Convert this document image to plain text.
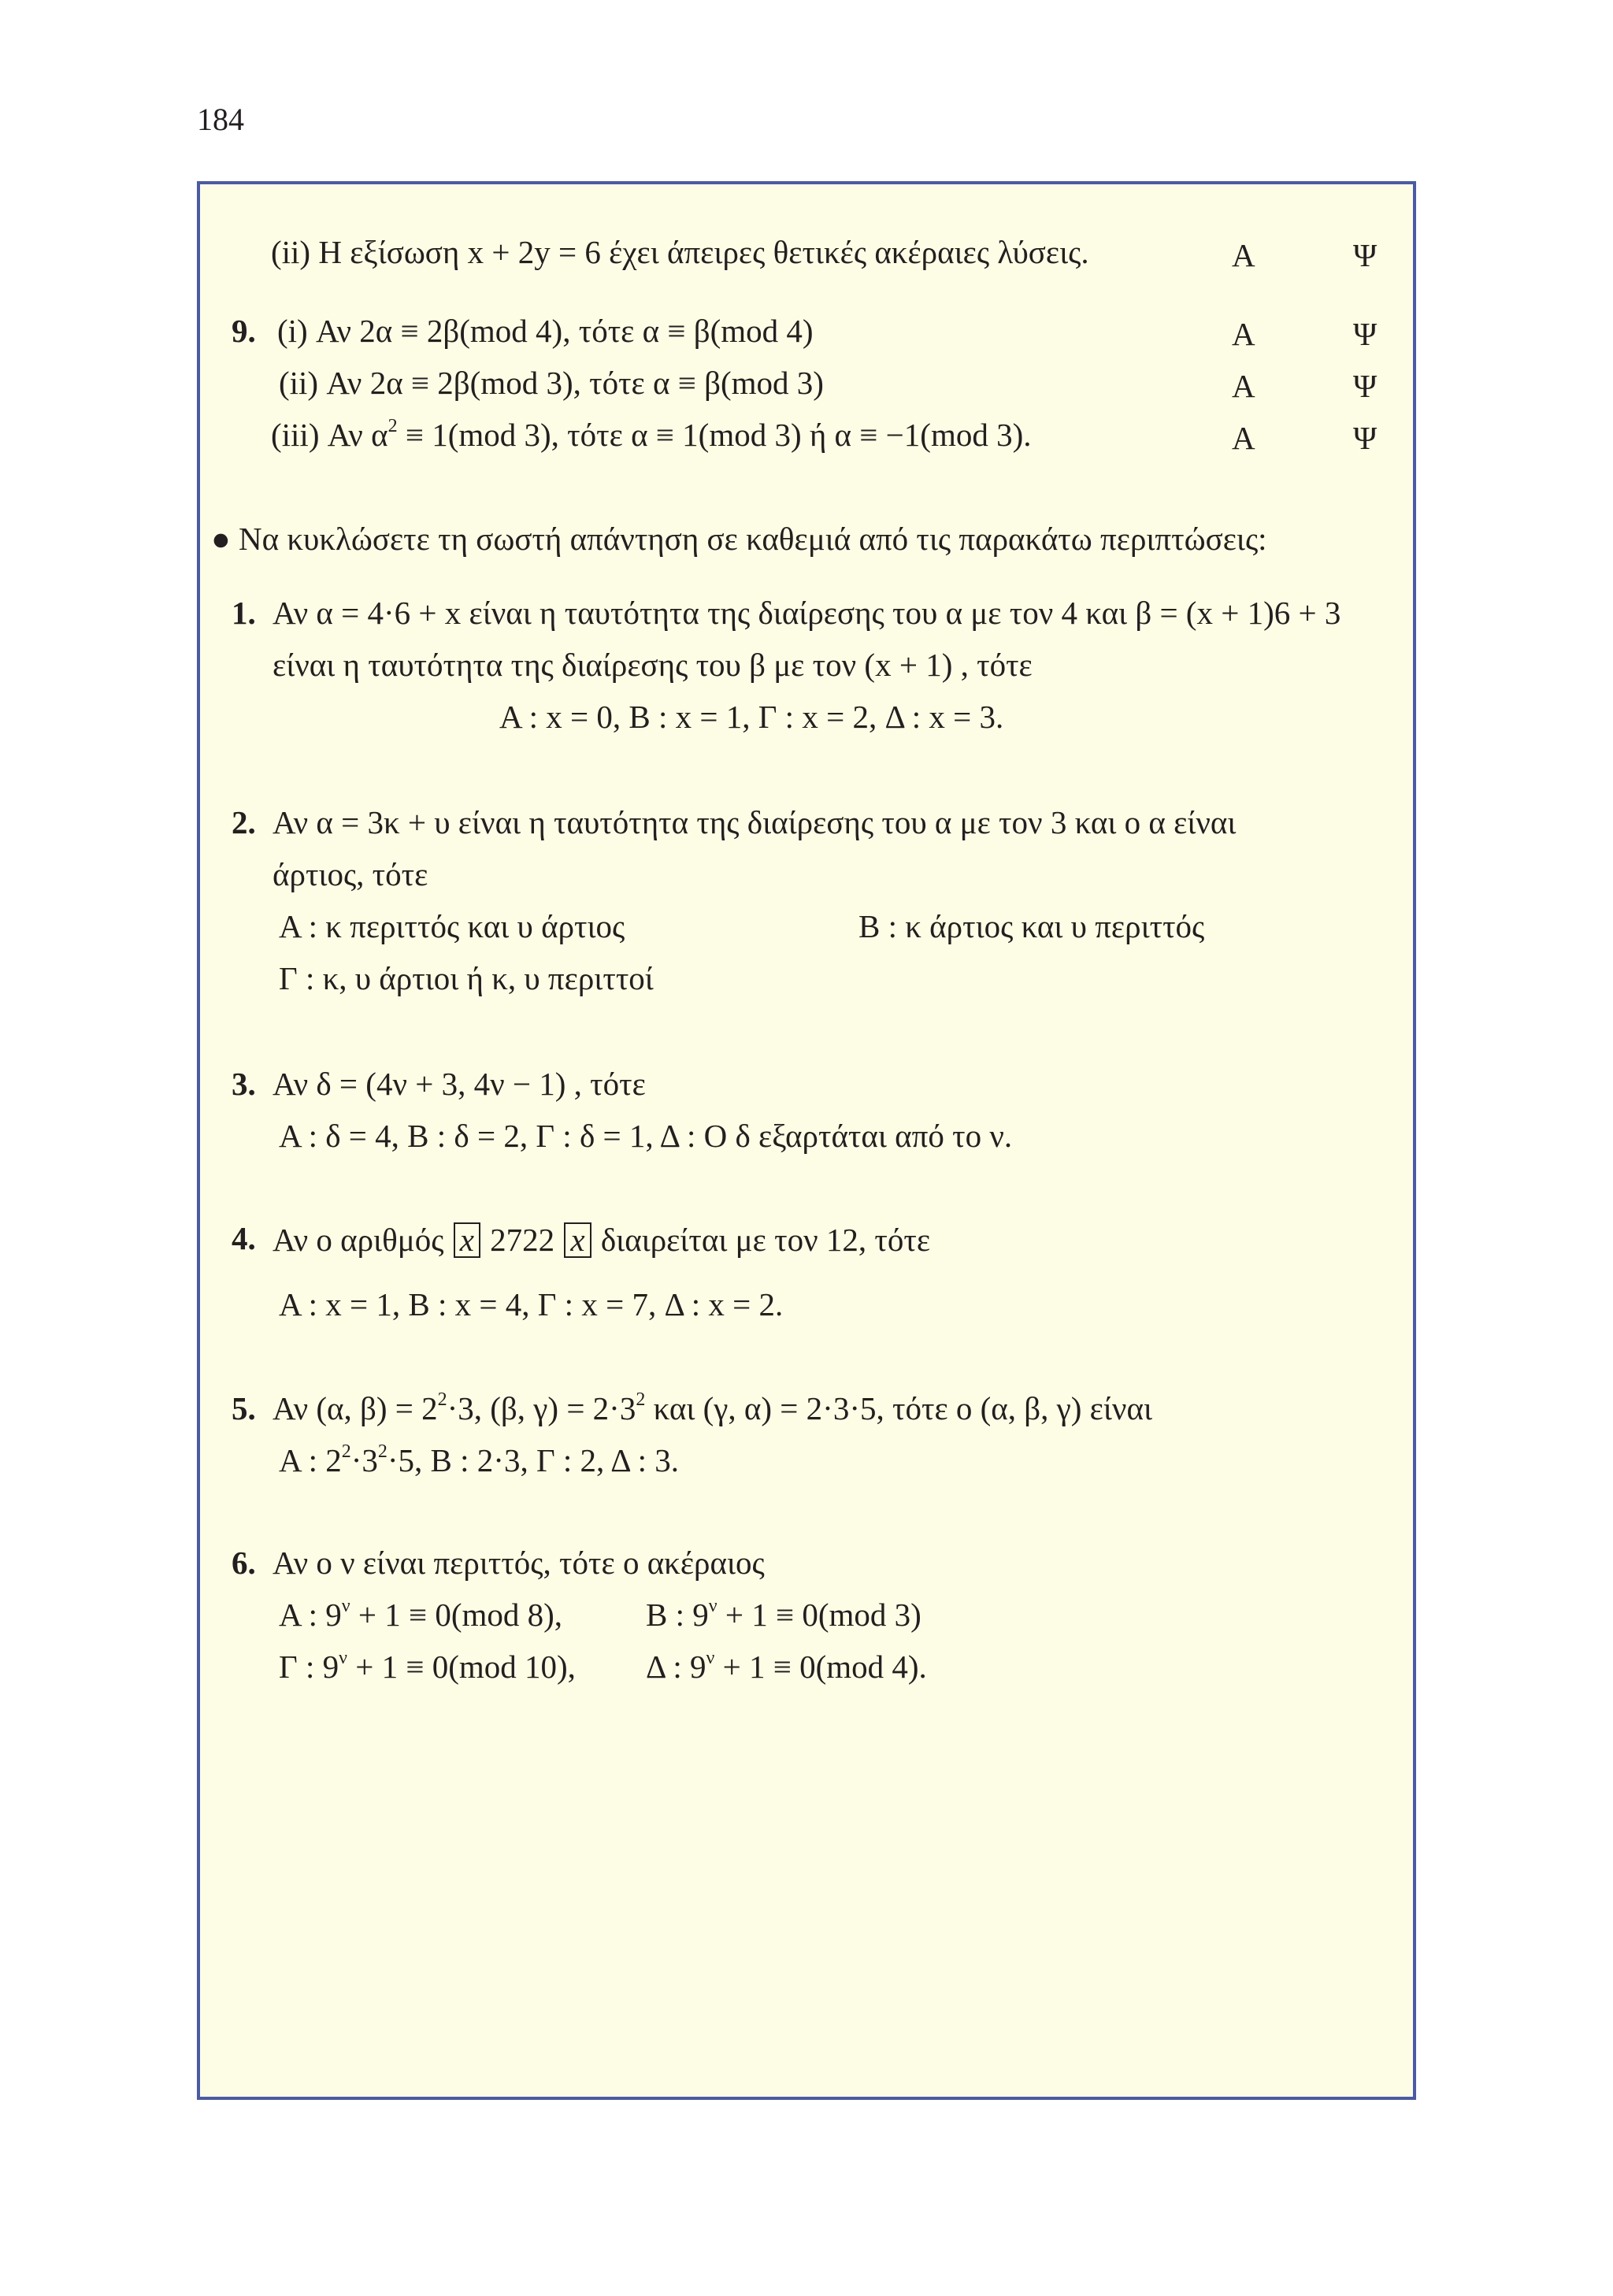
184
(ii) Η εξίσωση x + 2y = 6 έχει άπειρες θετικές ακέραιες λύσεις.	Α	Ψ
9. (i) Αν 2α ≡ 2β(mod 4), τότε α ≡ β(mod 4)	Α	Ψ
(ii) Αν 2α ≡ 2β(mod 3), τότε α ≡ β(mod 3)	Α	Ψ
(iii) Αν $\alpha^2 \equiv 1(mod$ 3), τότε α ≡ 1(mod 3) ή α ≡ −1(mod 3).	Α	Ψ
● Να κυκλώσετε τη σωστή απάντηση σε καθεμιά από τις παρακάτω περιπτώσεις:
1. Αν α = 4·6 + x είναι η ταυτότητα της διαίρεσης του α με τον 4 και β = (x + 1)6 + 3
είναι η ταυτότητα της διαίρεσης του β με τον (x + 1) , τότε
Α : x = 0, Β : x = 1, Γ : x = 2, Δ : x = 3.
2. Αν α = 3κ + υ είναι η ταυτότητα της διαίρεσης του α με τον 3 και ο α είναι
άρτιος, τότε
Α : κ περιττός και υ άρτιος	Β : κ άρτιος και υ περιττός
Γ : κ, υ άρτιοι ή κ, υ περιττοί
3. Αν δ = (4ν + 3, 4ν − 1) , τότε
Α : δ = 4, Β : δ = 2, Γ : δ = 1, Δ : Ο δ εξαρτάται από το ν.
4. Αν ο αριθμός x 2722 x διαιρείται με τον 12, τότε
Α : x = 1, Β : x = 4, Γ : x = 7, Δ : x = 2.
5. Αν (α, $\beta) = 2^2\cdot 3$, (β, $\gamma) = 2\cdot 3^2$ και (γ, α) = 2·3·5, τότε ο (α, β, γ) είναι
Α : $2^2\cdot 3^2\cdot 5$, Β : 2·3, Γ : 2, Δ : 3.
6. Αν ο ν είναι περιττός, τότε ο ακέραιος
Α : $9^\nu + 1 \equiv 0(mod$ 8),	Β : $9^\nu + 1 \equiv 0(mod$ 3)
Γ : $9^\nu + 1 \equiv 0(mod$ 10), Δ : $9^\nu + 1 \equiv 0(mod$ 4).
